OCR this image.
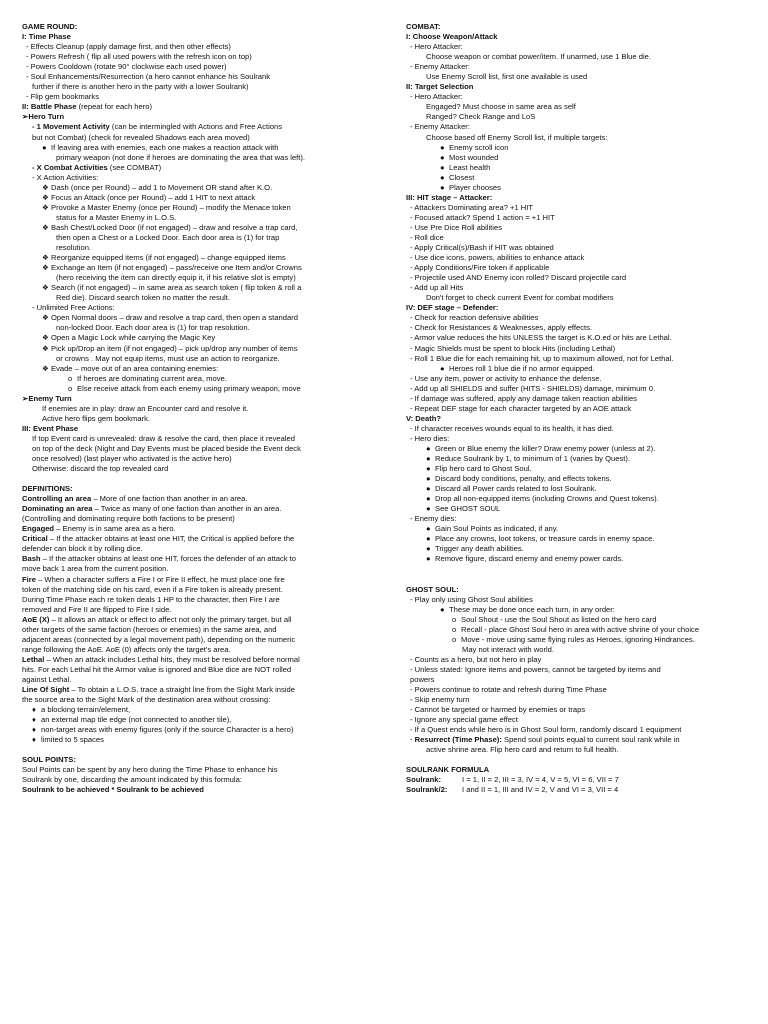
GAME ROUND:
I: Time Phase
- Effects Cleanup (apply damage first, and then other effects)
- Powers Refresh ( flip all used powers with the refresh icon on top)
- Powers Cooldown (rotate 90° clockwise each used power)
- Soul Enhancements/Resurrection (a hero cannot enhance his Soulrank
further if there is another hero in the party with a lower Soulrank)
- Flip gem bookmarks
II: Battle Phase (repeat for each hero)
➢Hero Turn
- 1 Movement Activity (can be intermingled with Actions and Free Actions
but not Combat) (check for revealed Shadows each area moved)
● If leaving area with enemies, each one makes a reaction attack with
primary weapon (not done if heroes are dominating the area that was left).
- X Combat Activities (see COMBAT)
- X Action Activities:
❖ Dash (once per Round) – add 1 to Movement OR stand after K.O.
❖ Focus an Attack (once per Round) – add 1 HIT to next attack
❖ Provoke a Master Enemy (once per Round) – modify the Menace token
status for a Master Enemy in L.O.S.
❖ Bash Chest/Locked Door (if not engaged) – draw and resolve a trap card,
then open a Chest or a Locked Door. Each door area is (1) for trap
resolution.
❖ Reorganize equipped items (if not engaged) – change equipped items
❖ Exchange an Item (if not engaged) – pass/receive one Item and/or Crowns
(hero receiving the item can directly equip it, if his relative slot is empty)
❖ Search (if not engaged) – in same area as search token ( flip token & roll a
Red die). Discard search token no matter the result.
- Unlimited Free Actions:
❖ Open Normal doors – draw and resolve a trap card, then open a standard
non-locked Door. Each door area is (1) for trap resolution.
❖ Open a Magic Lock while carrying the Magic Key
❖ Pick up/Drop an item (if not engaged) – pick up/drop any number of items
or crowns . May not equip items, must use an action to reorganize.
❖ Evade – move out of an area containing enemies:
o If heroes are dominating current area, move.
o Else receive attack from each enemy using primary weapon, move
➢Enemy Turn
If enemies are in play: draw an Encounter card and resolve it.
Active hero flips gem bookmark.
III: Event Phase
If top Event card is unrevealed: draw & resolve the card, then place it revealed
on top of the deck (Night and Day Events must be placed beside the Event deck
once resolved) (last player who activated is the active hero)
Otherwise: discard the top revealed card
DEFINITIONS:
Controlling an area – More of one faction than another in an area.
Dominating an area – Twice as many of one faction than another in an area.
(Controlling and dominating require both factions to be present)
Engaged – Enemy is in same area as a hero.
Critical – If the attacker obtains at least one HIT, the Critical is applied before the
defender can block it by rolling dice.
Bash – If the attacker obtains at least one HIT, forces the defender of an attack to
move back 1 area from the current position.
Fire – When a character suffers a Fire I or Fire II effect, he must place one fire
token of the matching side on his card, even if a Fire token is already present.
During Time Phase each re token deals 1 HP to the character, then Fire I are
removed and Fire II are flipped to Fire I side.
AoE (X) – It allows an attack or effect to affect not only the primary target, but all
other targets of the same faction (heroes or enemies) in the same area, and
adjacent areas (connected by a legal movement path), depending on the numeric
range following the AoE. AoE (0) affects only the target's area.
Lethal – When an attack includes Lethal hits, they must be resolved before normal
hits. For each Lethal hit the Armor value is ignored and Blue dice are NOT rolled
against Lethal.
Line Of Sight – To obtain a L.O.S. trace a straight line from the Sight Mark inside
the source area to the Sight Mark of the destination area without crossing:
♦ a blocking terrain/element,
♦ an external map tile edge (not connected to another tile),
♦ non-target areas with enemy figures (only if the source Character is a hero)
♦ limited to 5 spaces
SOUL POINTS:
Soul Points can be spent by any hero during the Time Phase to enhance his
Soulrank by one, discarding the amount indicated by this formula:
Soulrank to be achieved * Soulrank to be achieved
COMBAT:
I: Choose Weapon/Attack
- Hero Attacker:
Choose weapon or combat power/item. If unarmed, use 1 Blue die.
- Enemy Attacker:
Use Enemy Scroll list, first one available is used
II: Target Selection
- Hero Attacker:
Engaged? Must choose in same area as self
Ranged? Check Range and LoS
- Enemy Attacker:
Choose based off Enemy Scroll list, if multiple targets:
● Enemy scroll icon
● Most wounded
● Least health
● Closest
● Player chooses
III: HIT stage – Attacker:
- Attackers Dominating area? +1 HIT
- Focused attack? Spend 1 action = +1 HIT
- Use Pre Dice Roll abilities
- Roll dice
- Apply Critical(s)/Bash if HIT was obtained
- Use dice icons, powers, abilities to enhance attack
- Apply Conditions/Fire token if applicable
- Projectile used AND Enemy icon rolled? Discard projectile card
- Add up all Hits
Don't forget to check current Event for combat modifiers
IV: DEF stage – Defender:
- Check for reaction defensive abilities
- Check for Resistances & Weaknesses, apply effects.
- Armor value reduces the hits UNLESS the target is K.O.ed or hits are Lethal.
- Magic Shields must be spent to block Hits (including Lethal)
- Roll 1 Blue die for each remaining hit, up to maximum allowed, not for Lethal.
● Heroes roll 1 blue die if no armor equipped.
- Use any item, power or activity to enhance the defense.
- Add up all SHIELDS and suffer (HITS - SHIELDS) damage, minimum 0.
- If damage was suffered, apply any damage taken reaction abilities
- Repeat DEF stage for each character targeted by an AOE attack
V: Death?
- If character receives wounds equal to its health, it has died.
- Hero dies:
● Green or Blue enemy the killer? Draw enemy power (unless at 2).
● Reduce Soulrank by 1, to minimum of 1 (varies by Quest).
● Flip hero card to Ghost Soul.
● Discard body conditions, penalty, and effects tokens.
● Discard all Power cards related to lost Soulrank.
● Drop all non-equipped items (including Crowns and Quest tokens).
● See GHOST SOUL
- Enemy dies:
● Gain Soul Points as indicated, if any.
● Place any crowns, loot tokens, or treasure cards in enemy space.
● Trigger any death abilities.
● Remove figure, discard enemy and enemy power cards.
GHOST SOUL:
- Play only using Ghost Soul abilities
● These may be done once each turn, in any order:
o Soul Shout - use the Soul Shout as listed on the hero card
o Recall - place Ghost Soul hero in area with active shrine of your choice
o Move - move using same flying rules as Heroes, ignoring Hindrances.
May not interact with world.
- Counts as a hero, but not hero in play
- Unless stated: Ignore items and powers, cannot be targeted by items and
powers
- Powers continue to rotate and refresh during Time Phase
- Skip enemy turn
- Cannot be targeted or harmed by enemies or traps
- Ignore any special game effect
- If a Quest ends while hero is in Ghost Soul form, randomly discard 1 equipment
- Resurrect (Time Phase): Spend soul points equal to current soul rank while in
active shrine area. Flip hero card and return to full health.
SOULRANK FORMULA
Soulrank:	I = 1, II = 2, III = 3, IV = 4, V = 5, VI = 6, VII = 7
Soulrank/2: I and II = 1, III and IV = 2, V and VI = 3, VII = 4
